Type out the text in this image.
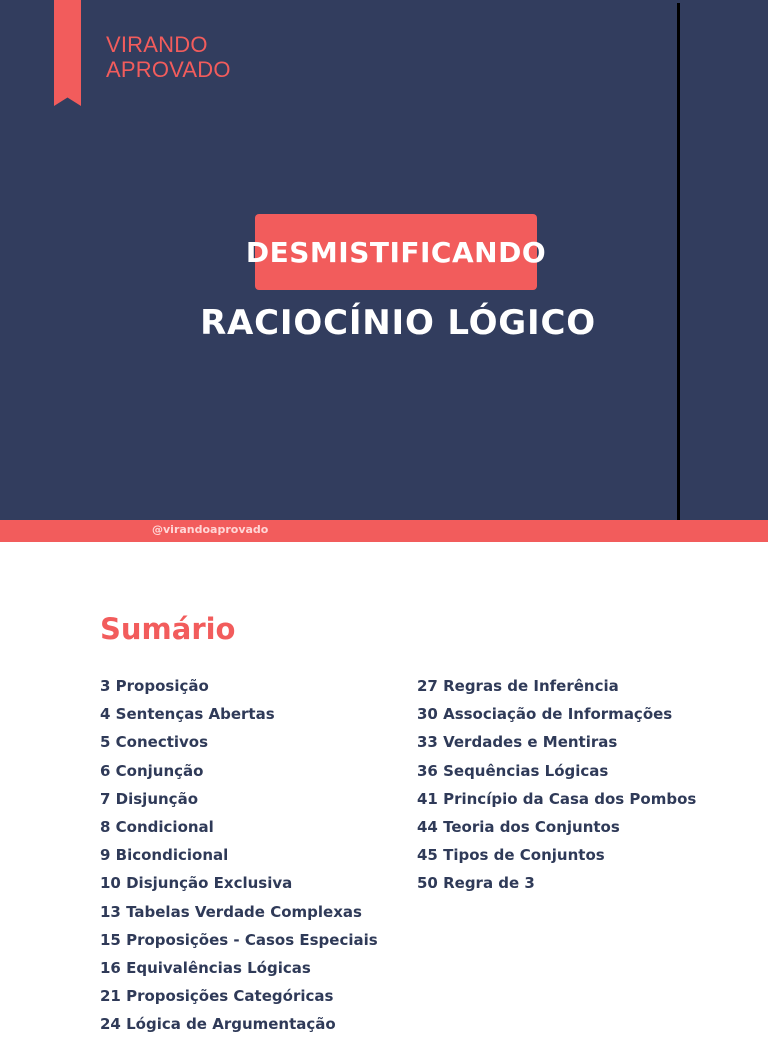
VIRANDO
APROVADO
DESMISTIFICANDO
RACIOCÍNIO LÓGICO
@virandoaprovado
Sumário
3 Proposição
4 Sentenças Abertas
5 Conectivos
6 Conjunção
7 Disjunção
8 Condicional
9 Bicondicional
10 Disjunção Exclusiva
13 Tabelas Verdade Complexas
15 Proposições - Casos Especiais
16 Equivalências Lógicas
21 Proposições Categóricas
24 Lógica de Argumentação
27 Regras de Inferência
30 Associação de Informações
33 Verdades e Mentiras
36 Sequências Lógicas
41 Princípio da Casa dos Pombos
44 Teoria dos Conjuntos
45 Tipos de Conjuntos
50 Regra de 3
